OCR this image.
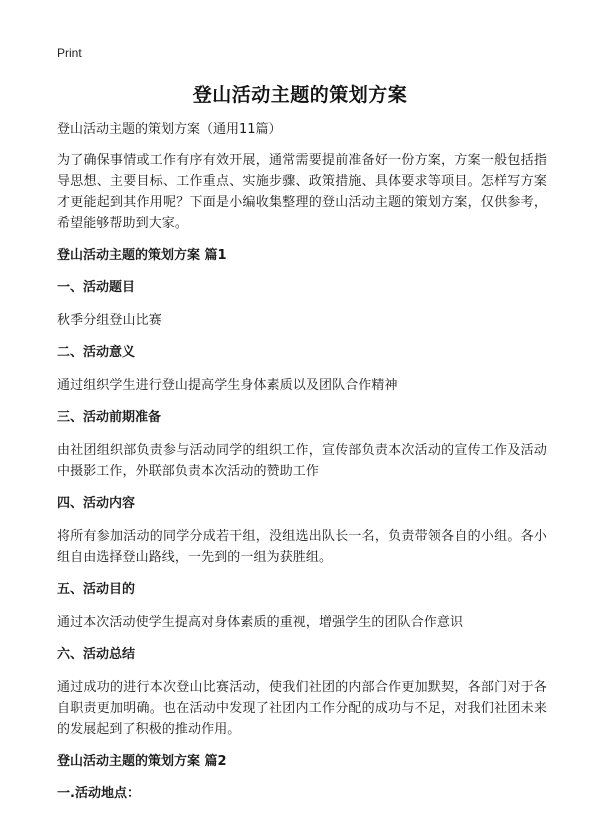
Print
登山活动主题的策划方案
登山活动主题的策划方案（通用11篇）
为了确保事情或工作有序有效开展，通常需要提前准备好一份方案，方案一般包括指导思想、主要目标、工作重点、实施步骤、政策措施、具体要求等项目。怎样写方案才更能起到其作用呢？下面是小编收集整理的登山活动主题的策划方案，仅供参考，希望能够帮助到大家。
登山活动主题的策划方案 篇1
一、活动题目
秋季分组登山比赛
二、活动意义
通过组织学生进行登山提高学生身体素质以及团队合作精神
三、活动前期准备
由社团组织部负责参与活动同学的组织工作，宣传部负责本次活动的宣传工作及活动中摄影工作，外联部负责本次活动的赞助工作
四、活动内容
将所有参加活动的同学分成若干组，没组选出队长一名，负责带领各自的小组。各小组自由选择登山路线，一先到的一组为获胜组。
五、活动目的
通过本次活动使学生提高对身体素质的重视，增强学生的团队合作意识
六、活动总结
通过成功的进行本次登山比赛活动，使我们社团的内部合作更加默契，各部门对于各自职责更加明确。也在活动中发现了社团内工作分配的成功与不足，对我们社团未来的发展起到了积极的推动作用。
登山活动主题的策划方案 篇2
一.活动地点：
